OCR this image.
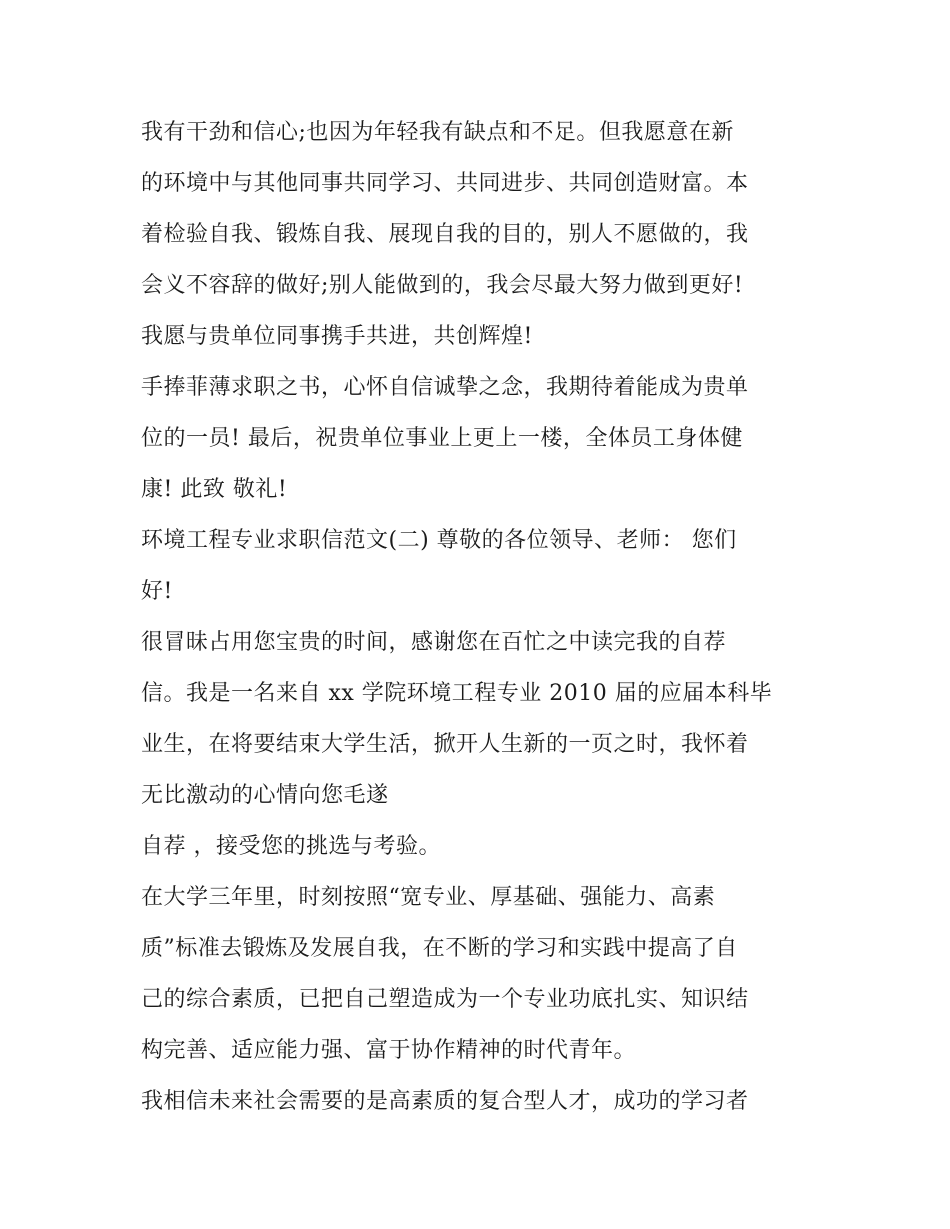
我有干劲和信心;也因为年轻我有缺点和不足。但我愿意在新
的环境中与其他同事共同学习、共同进步、共同创造财富。本
着检验自我、锻炼自我、展现自我的目的，别人不愿做的，我
会义不容辞的做好;别人能做到的，我会尽最大努力做到更好!
我愿与贵单位同事携手共进，共创辉煌!
手捧菲薄求职之书，心怀自信诚挚之念，我期待着能成为贵单
位的一员! 最后，祝贵单位事业上更上一楼，全体员工身体健
康! 此致 敬礼!
环境工程专业求职信范文(二) 尊敬的各位领导、老师： 您们
好!
很冒昧占用您宝贵的时间，感谢您在百忙之中读完我的自荐
信。我是一名来自 xx 学院环境工程专业 2010 届的应届本科毕
业生，在将要结束大学生活，掀开人生新的一页之时，我怀着
无比激动的心情向您毛遂
自荐 ，接受您的挑选与考验。
在大学三年里，时刻按照“宽专业、厚基础、强能力、高素
质”标准去锻炼及发展自我，在不断的学习和实践中提高了自
己的综合素质，已把自己塑造成为一个专业功底扎实、知识结
构完善、适应能力强、富于协作精神的时代青年。
我相信未来社会需要的是高素质的复合型人才，成功的学习者
